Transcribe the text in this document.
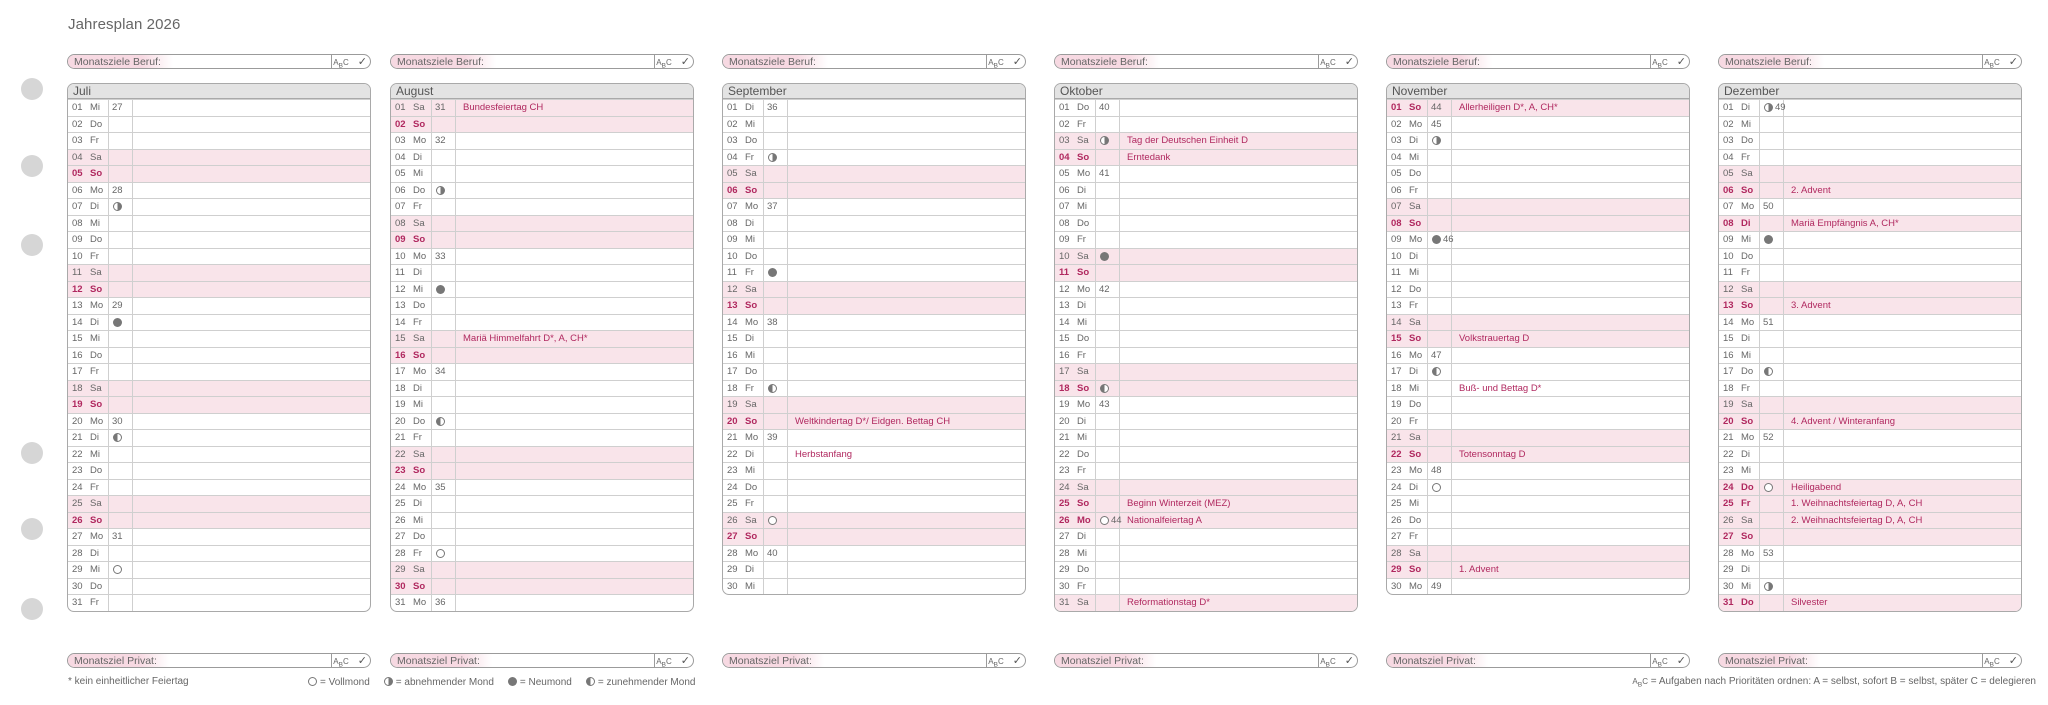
Jahresplan 2026
Monatsziele Beruf:	$A_BC$ ✓
Juli
01 Mi	27
02 Do
03 Fr
04 Sa
05 So
06 Mo 28
07 Di
08 Mi
09 Do
10 Fr
11 Sa
12 So
13 Mo 29
14 Di
15 Mi
16 Do
17 Fr
18 Sa
19 So
20 Mo 30
21 Di
22 Mi
23 Do
24 Fr
25 Sa
26 So
27 Mo 31
28 Di
29 Mi
30 Do
31 Fr
Monatsziel Privat:	$A_BC$ ✓
Monatsziele Beruf:	$A_BC$ ✓
August
01 Sa	31	Bundesfeiertag CH
02 So
03 Mo 32
04 Di
05 Mi
06 Do
07 Fr
08 Sa
09 So
10 Mo 33
11 Di
12 Mi
13 Do
14 Fr
15 Sa	Mariä Himmelfahrt D*, A, CH*
16 So
17 Mo 34
18 Di
19 Mi
20 Do
21 Fr
22 Sa
23 So
24 Mo 35
25 Di
26 Mi
27 Do
28 Fr
29 Sa
30 So
31 Mo 36
Monatsziel Privat:	$A_BC$ ✓
Monatsziele Beruf:	$A_BC$ ✓
September
01 Di	36
02 Mi
03 Do
04 Fr
05 Sa
06 So
07 Mo 37
08 Di
09 Mi
10 Do
11 Fr
12 Sa
13 So
14 Mo 38
15 Di
16 Mi
17 Do
18 Fr
19 Sa
20 So	Weltkindertag D*/ Eidgen. Bettag CH
21 Mo 39
22 Di	Herbstanfang
23 Mi
24 Do
25 Fr
26 Sa
27 So
28 Mo 40
29 Di
30 Mi
Monatsziel Privat:	$A_BC$ ✓
Monatsziele Beruf:	$A_BC$ ✓
Oktober
01 Do	40
02 Fr
03 Sa	Tag der Deutschen Einheit D
04 So	Erntedank
05 Mo 41
06 Di
07 Mi
08 Do
09 Fr
10 Sa
11 So
12 Mo 42
13 Di
14 Mi
15 Do
16 Fr
17 Sa
18 So
19 Mo 43
20 Di
21 Mi
22 Do
23 Fr
24 Sa
25 So	Beginn Winterzeit (MEZ)
26 Mo	44 Nationalfeiertag A
27 Di
28 Mi
29 Do
30 Fr
31 Sa	Reformationstag D*
Monatsziel Privat:	$A_BC$ ✓
Monatsziele Beruf:	$A_BC$ ✓
November
01 So	44	Allerheiligen D*, A, CH*
02 Mo 45
03 Di
04 Mi
05 Do
06 Fr
07 Sa
08 So
09 Mo	46
10 Di
11 Mi
12 Do
13 Fr
14 Sa
15 So	Volkstrauertag D
16 Mo 47
17 Di
18 Mi	Buß- und Bettag D*
19 Do
20 Fr
21 Sa
22 So	Totensonntag D
23 Mo 48
24 Di
25 Mi
26 Do
27 Fr
28 Sa
29 So	1. Advent
30 Mo 49
Monatsziel Privat:	$A_BC$ ✓
Monatsziele Beruf:	$A_BC$ ✓
Dezember
01 Di	49
02 Mi
03 Do
04 Fr
05 Sa
06 So	2. Advent
07 Mo 50
08 Di	Mariä Empfängnis A, CH*
09 Mi
10 Do
11 Fr
12 Sa
13 So	3. Advent
14 Mo 51
15 Di
16 Mi
17 Do
18 Fr
19 Sa
20 So	4. Advent / Winteranfang
21 Mo 52
22 Di
23 Mi
24 Do	Heiligabend
25 Fr	1. Weihnachtsfeiertag D, A, CH
26 Sa	2. Weihnachtsfeiertag D, A, CH
27 So
28 Mo 53
29 Di
30 Mi
31 Do	Silvester
Monatsziel Privat:	$A_BC$ ✓
* kein einheitlicher Feiertag	= Vollmond	= abnehmender Mond	= Neumond	= zunehmender Mond	$A_BC$ = Aufgaben nach Prioritäten ordnen: A = selbst, sofort B = selbst, später C = delegieren
